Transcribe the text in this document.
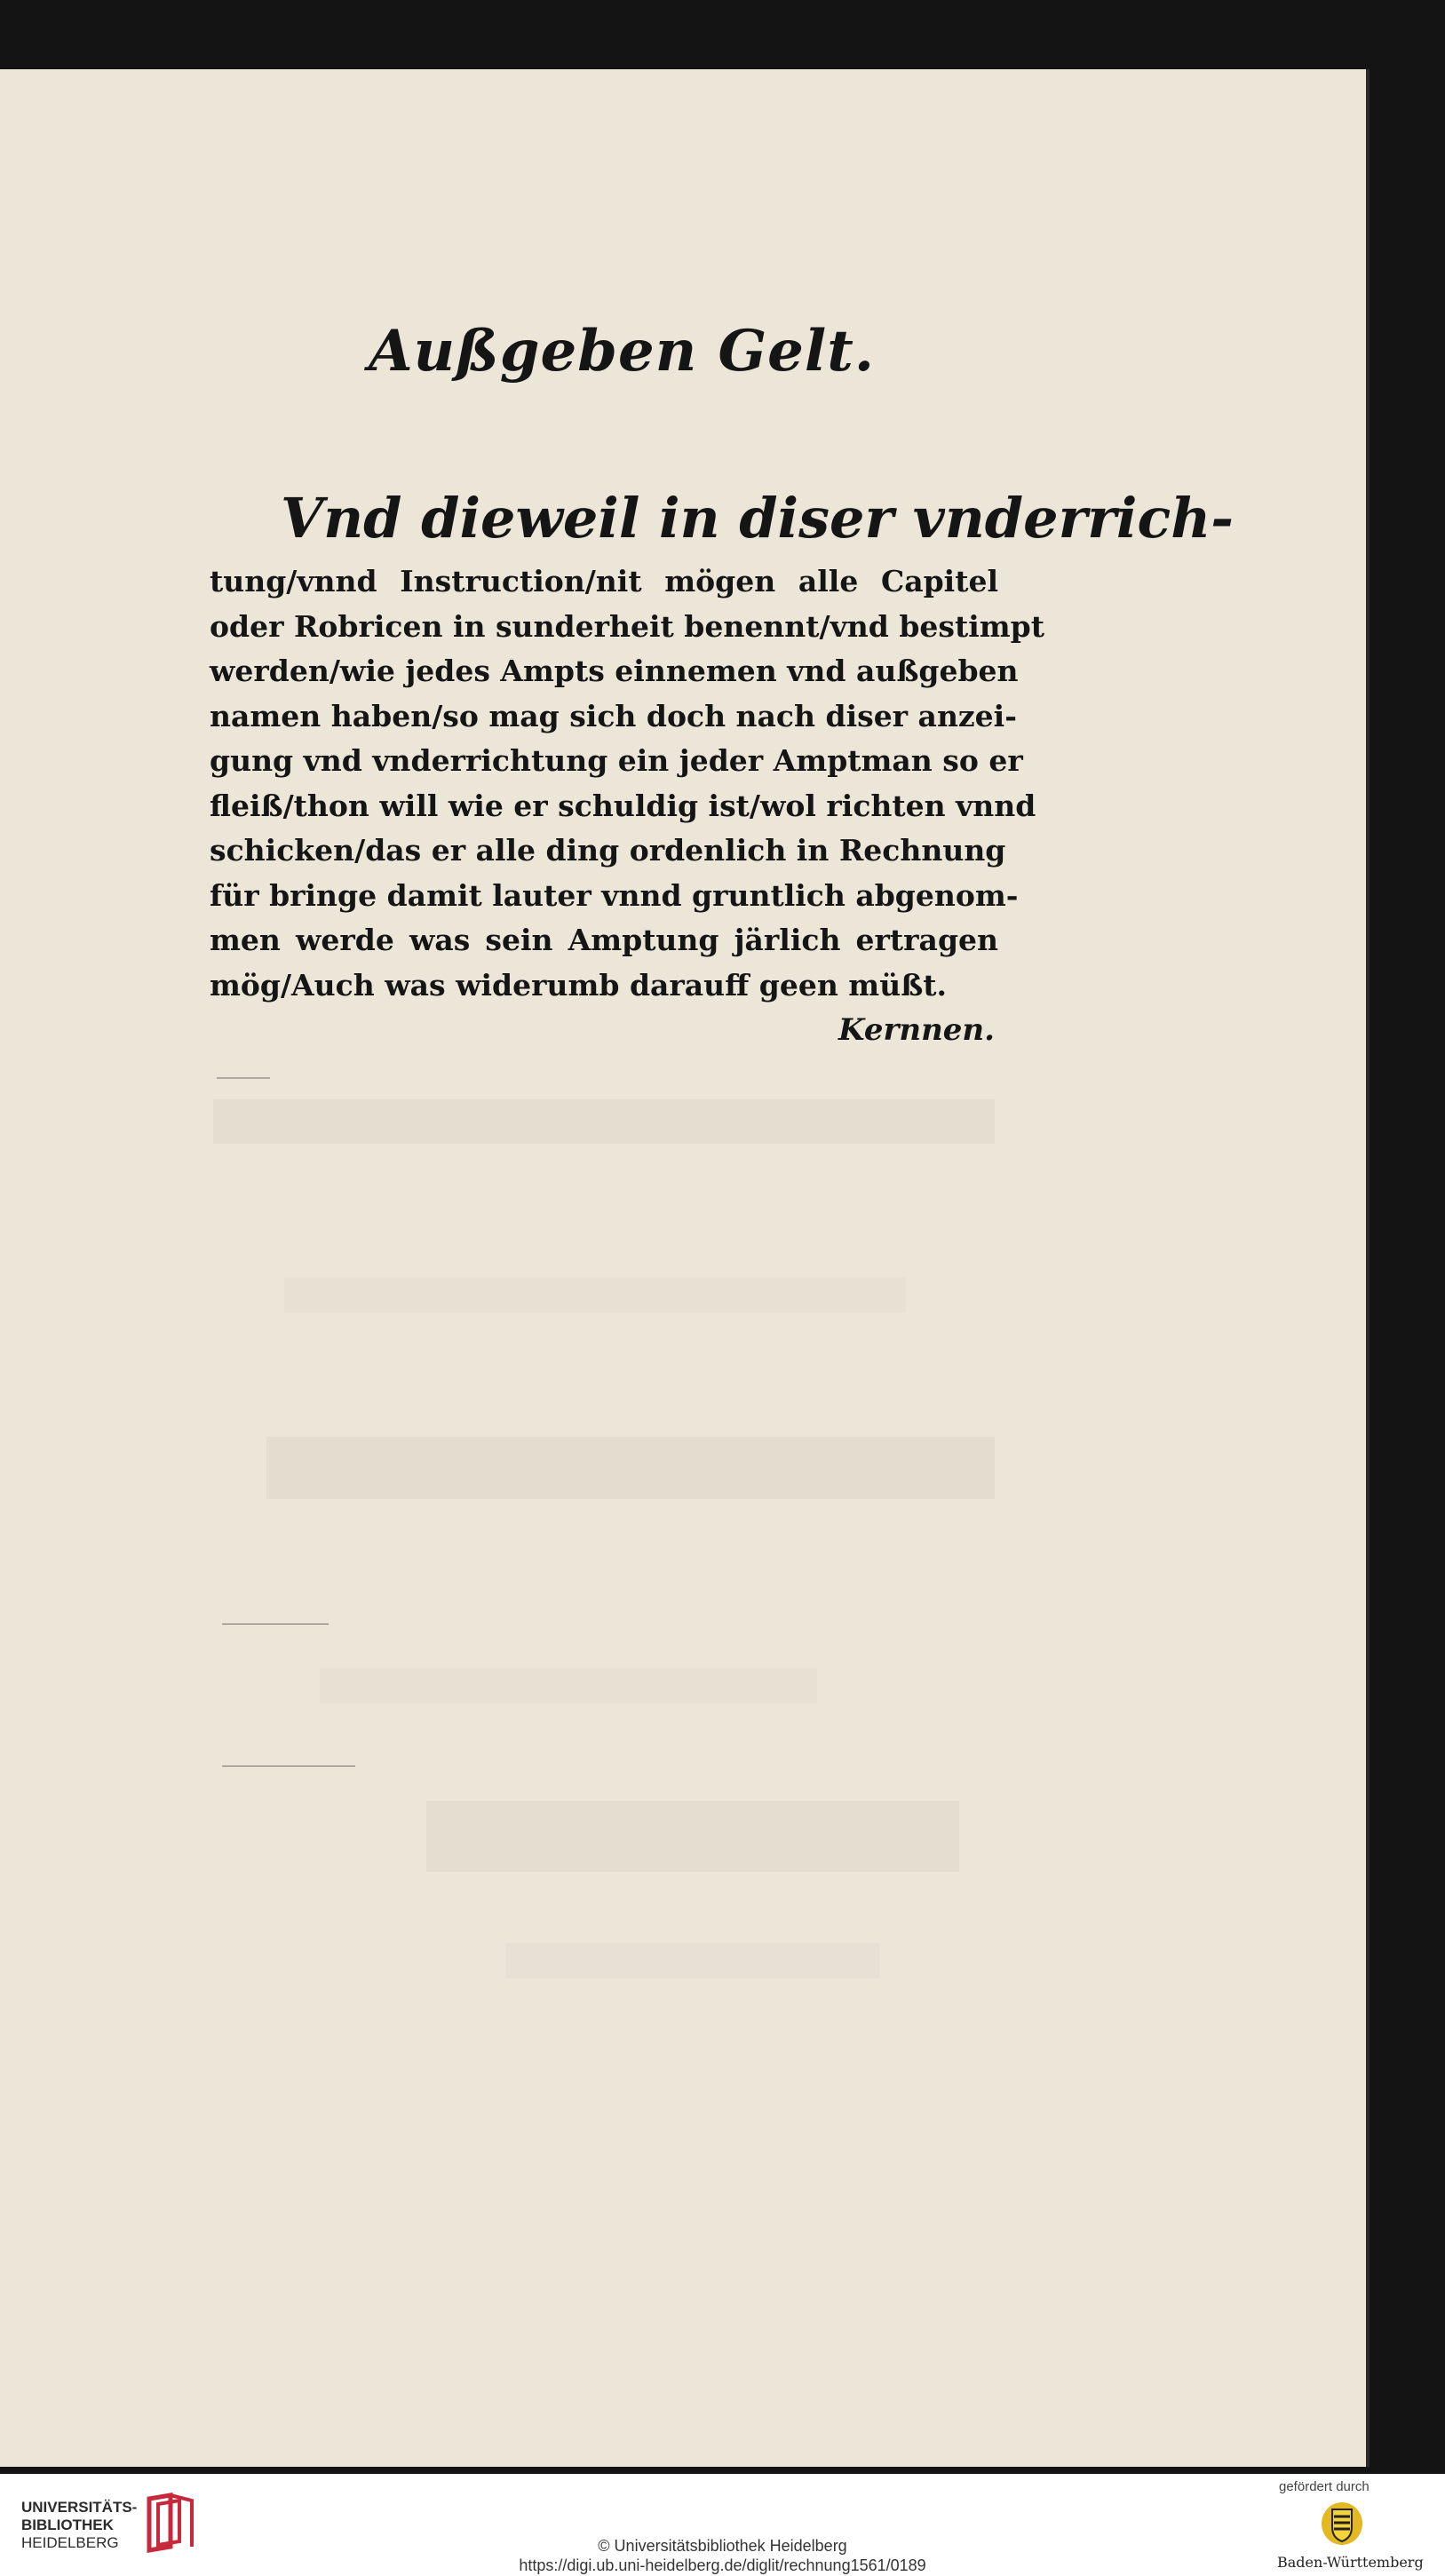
Außgeben Gelt.
Vnd dieweil in diser vnderrich-
tung/vnnd Instruction/nit mögen alle Capitel
oder Robricen in sunderheit benennt/vnd bestimpt
werden/wie jedes Ampts einnemen vnd außgeben
namen haben/so mag sich doch nach diser anzei-
gung vnd vnderrichtung ein jeder Amptman so er
fleiß/thon will wie er schuldig ist/wol richten vnnd
schicken/das er alle ding ordenlich in Rechnung
für bringe damit lauter vnnd gruntlich abgenom-
men werde was sein Amptung järlich ertragen
mög/Auch was widerumb darauff geen müßt.
Kernnen.
UNIVERSITÄTS-
BIBLIOTHEK
HEIDELBERG	© Universitätsbibliothek Heidelberg
https://digi.ub.uni-heidelberg.de/diglit/rechnung1561/0189
gefördert durch
Baden-Württemberg
